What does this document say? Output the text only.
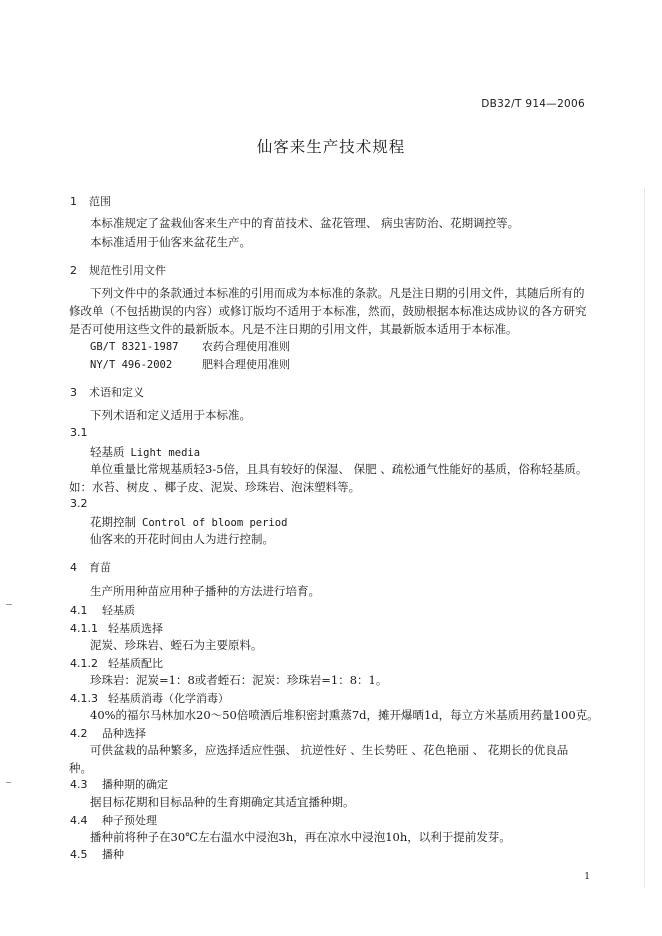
DB32/T 914—2006
仙客来生产技术规程
1 范围
本标准规定了盆栽仙客来生产中的育苗技术、盆花管理、 病虫害防治、花期调控等。
本标准适用于仙客来盆花生产。
2 规范性引用文件
下列文件中的条款通过本标准的引用而成为本标准的条款。凡是注日期的引用文件，其随后所有的
修改单（不包括勘误的内容）或修订版均不适用于本标准，然而，鼓励根据本标准达成协议的各方研究
是否可使用这些文件的最新版本。凡是不注日期的引用文件，其最新版本适用于本标准。
GB/T 8321-1987 农药合理使用准则
NY/T 496-2002	肥料合理使用准则
3 术语和定义
下列术语和定义适用于本标准。
3.1
轻基质 Light media
单位重量比常规基质轻3-5倍，且具有较好的保湿、 保肥 、疏松通气性能好的基质，俗称轻基质。
如：水苔、树皮 、椰子皮、泥炭、珍珠岩、泡沫塑料等。
3.2
花期控制 Control of bloom period
仙客来的开花时间由人为进行控制。
4 育苗
生产所用种苗应用种子播种的方法进行培育。
4.1 轻基质
4.1.1 轻基质选择
泥炭、珍珠岩、蛭石为主要原料。
4.1.2 轻基质配比
珍珠岩：泥炭=1：8或者蛭石：泥炭：珍珠岩=1：8：1。
4.1.3 轻基质消毒（化学消毒）
40%的福尔马林加水20～50倍喷洒后堆积密封熏蒸7d，摊开爆晒1d，每立方米基质用药量100克。
4.2 品种选择
可供盆栽的品种繁多，应选择适应性强、 抗逆性好 、生长势旺 、花色艳丽 、 花期长的优良品
种。
4.3 播种期的确定
据目标花期和目标品种的生育期确定其适宜播种期。
4.4 种子预处理
播种前将种子在30℃左右温水中浸泡3h，再在凉水中浸泡10h，以利于提前发芽。
4.5 播种
1
